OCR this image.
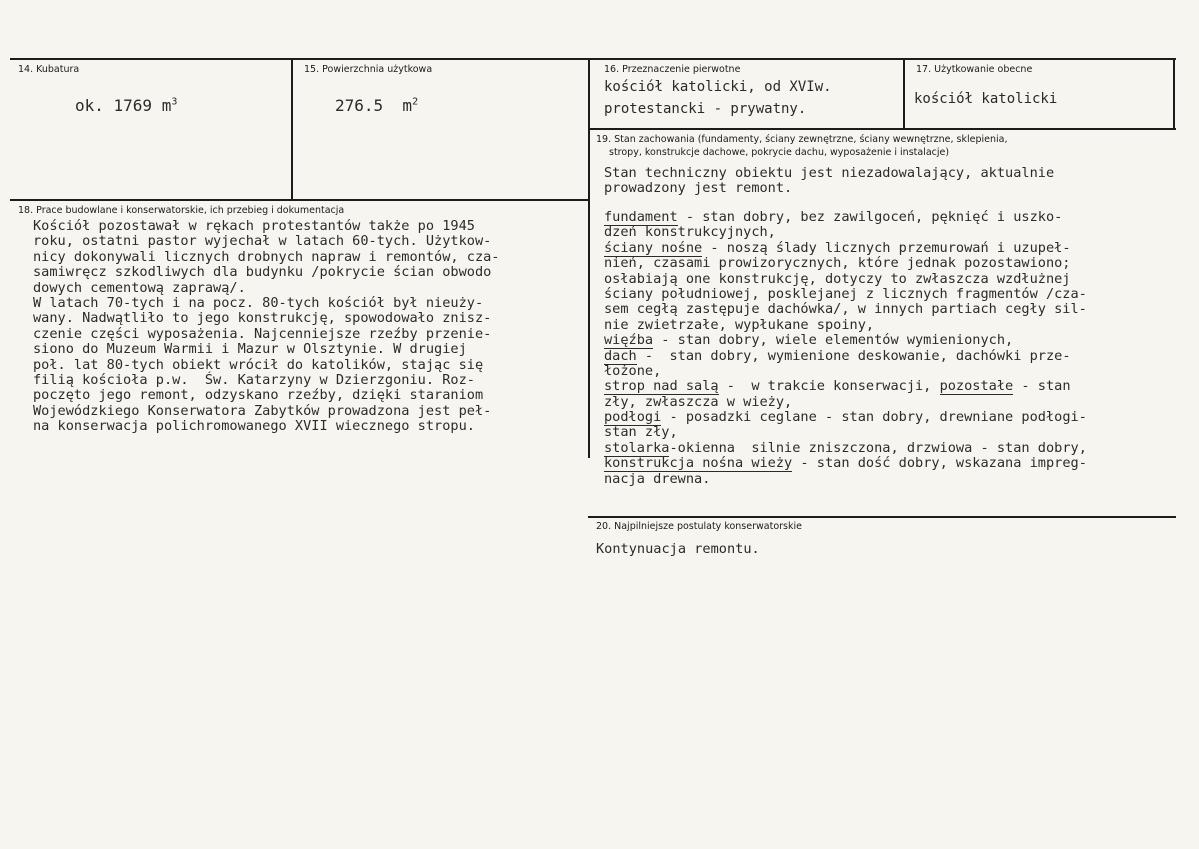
14. Kubatura
ok. 1769 $m^3$
15. Powierzchnia użytkowa
276.5  $m^2$
16. Przeznaczenie pierwotne
kościół katolicki, od XVIw.
protestancki - prywatny.
17. Użytkowanie obecne
kościół katolicki
19. Stan zachowania (fundamenty, ściany zewnętrzne, ściany wewnętrzne, sklepienia,
stropy, konstrukcje dachowe, pokrycie dachu, wyposażenie i instalacje)
Stan techniczny obiektu jest niezadowalający, aktualnie
prowadzony jest remont.
fundament - stan dobry, bez zawilgoceń, pęknięć i uszko-
dzeń konstrukcyjnych,
ściany nośne - noszą ślady licznych przemurowań i uzupeł-
nień, czasami prowizorycznych, które jednak pozostawiono;
osłabiają one konstrukcję, dotyczy to zwłaszcza wzdłużnej
ściany południowej, posklejanej z licznych fragmentów /cza-
sem cegłą zastępuje dachówka/, w innych partiach cegły sil-
nie zwietrzałe, wypłukane spoiny,
więźba - stan dobry, wiele elementów wymienionych,
dach -  stan dobry, wymienione deskowanie, dachówki prze-
łożone,
strop nad salą -  w trakcie konserwacji, pozostałe - stan
zły, zwłaszcza w wieży,
podłogi - posadzki ceglane - stan dobry, drewniane podłogi-
stan zły,
stolarka-okienna  silnie zniszczona, drzwiowa - stan dobry,
konstrukcja nośna wieży - stan dość dobry, wskazana impreg-
nacja drewna.
18. Prace budowlane i konserwatorskie, ich przebieg i dokumentacja
Kościół pozostawał w rękach protestantów także po 1945
roku, ostatni pastor wyjechał w latach 60-tych. Użytkow-
nicy dokonywali licznych drobnych napraw i remontów, cza-
samiwręcz szkodliwych dla budynku /pokrycie ścian obwodo
dowych cementową zaprawą/.
W latach 70-tych i na pocz. 80-tych kościół był nieuży-
wany. Nadwątliło to jego konstrukcję, spowodowało znisz-
czenie części wyposażenia. Najcenniejsze rzeźby przenie-
siono do Muzeum Warmii i Mazur w Olsztynie. W drugiej
poł. lat 80-tych obiekt wrócił do katolików, stając się
filią kościoła p.w.  Św. Katarzyny w Dzierzgoniu. Roz-
poczęto jego remont, odzyskano rzeźby, dzięki staraniom
Wojewódzkiego Konserwatora Zabytków prowadzona jest peł-
na konserwacja polichromowanego XVII wiecznego stropu.
20. Najpilniejsze postulaty konserwatorskie
Kontynuacja remontu.
